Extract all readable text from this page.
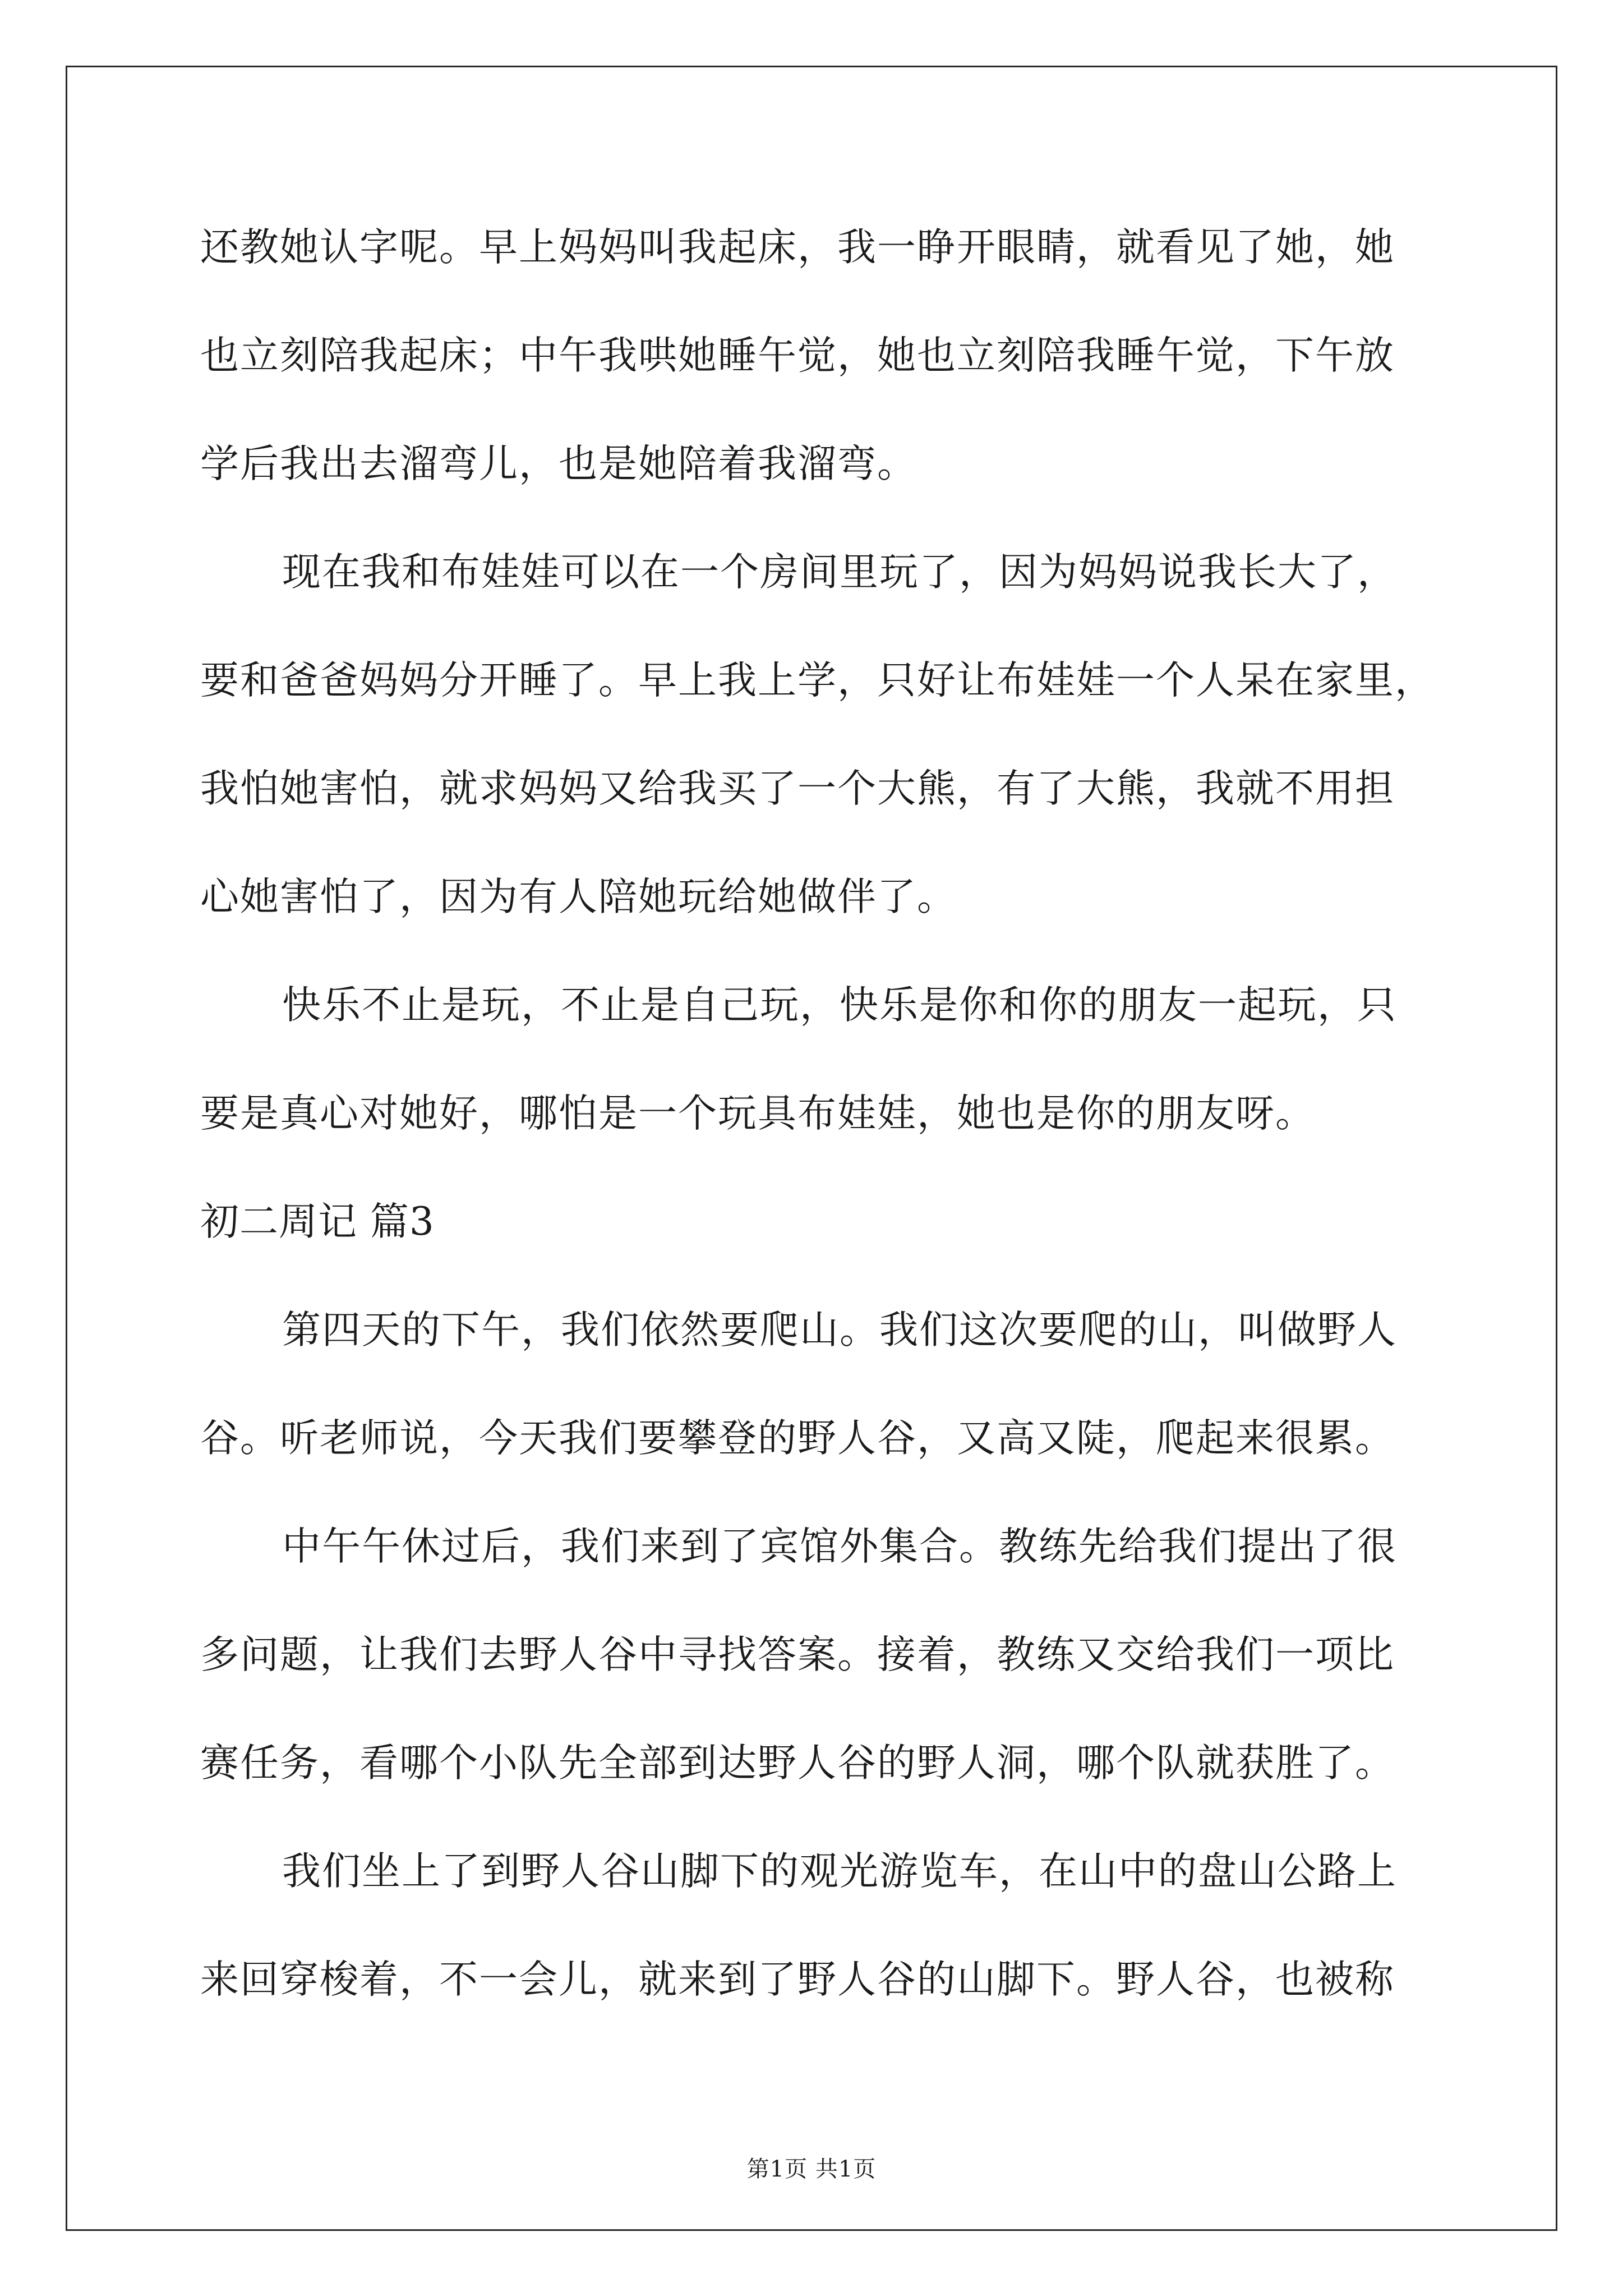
还教她认字呢。早上妈妈叫我起床，我一睁开眼睛，就看见了她，她
也立刻陪我起床；中午我哄她睡午觉，她也立刻陪我睡午觉，下午放
学后我出去溜弯儿，也是她陪着我溜弯。
现在我和布娃娃可以在一个房间里玩了，因为妈妈说我长大了，
要和爸爸妈妈分开睡了。早上我上学，只好让布娃娃一个人呆在家里，
我怕她害怕，就求妈妈又给我买了一个大熊，有了大熊，我就不用担
心她害怕了，因为有人陪她玩给她做伴了。
快乐不止是玩，不止是自己玩，快乐是你和你的朋友一起玩，只
要是真心对她好，哪怕是一个玩具布娃娃，她也是你的朋友呀。
初二周记 篇3
第四天的下午，我们依然要爬山。我们这次要爬的山，叫做野人
谷。听老师说，今天我们要攀登的野人谷，又高又陡，爬起来很累。
中午午休过后，我们来到了宾馆外集合。教练先给我们提出了很
多问题，让我们去野人谷中寻找答案。接着，教练又交给我们一项比
赛任务，看哪个小队先全部到达野人谷的野人洞，哪个队就获胜了。
我们坐上了到野人谷山脚下的观光游览车，在山中的盘山公路上
来回穿梭着，不一会儿，就来到了野人谷的山脚下。野人谷，也被称
第1页 共1页
